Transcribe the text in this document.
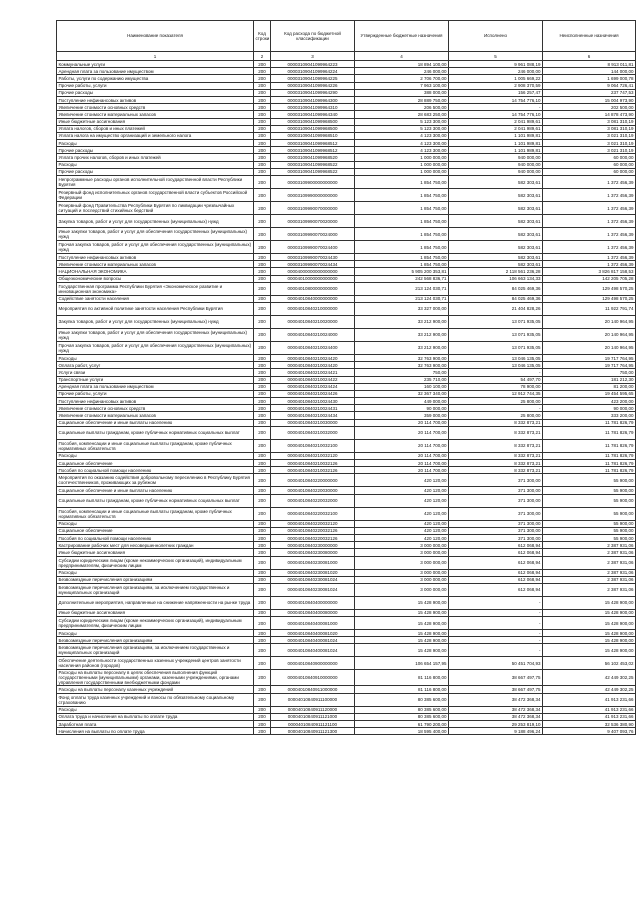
Наименование показателя	Код строки	Код расхода по бюджетной классификации	Утвержденные бюджетные назначения	Исполнено	Неисполненные назначения
1	2	3	4	5	6
Коммунальные услуги	200	00003109041099964223	18 894 100,00	9 961 088,19	8 913 011,81
Арендная плата за пользование имуществом	200	00003109041099964224	246 000,00	246 000,00	144 000,00
Работы, услуги по содержанию имущества	200	00003109041099964225	2 706 700,00	1 005 669,22	1 699 000,78
Прочие работы, услуги	200	00003109041099964226	7 963 100,00	2 908 370,59	9 064 726,41
Прочие расходы	200	00003109041099964290	388 000,00	156 257,47	237 747,53
Поступление нефинансовых активов	200	00003109041099964300	28 889 750,00	14 754 776,10	15 004 973,90
Увеличение стоимости основных средств	200	00003109041099964310	206 500,00	-	202 500,00
Увеличение стоимости материальных запасов	200	00003109041099964340	28 683 250,00	14 754 776,10	14 878 473,90
Иные бюджетные ассигнования	200	00003109041099968500	5 123 300,00	2 041 989,61	3 081 310,19
Уплата налогов, сборов и иных платежей	200	00003109041099968500	5 123 300,00	2 041 989,61	3 081 310,19
Уплата налога на имущество организаций и земельного налога	200	00003109041099968510	4 123 300,00	1 101 989,81	3 021 310,19
Расходы	200	00003109041099968512	4 123 300,00	1 101 989,81	3 021 310,19
Прочие расходы	200	00003109041099968512	4 123 300,00	1 101 989,81	3 021 310,19
Уплата прочих налогов, сборов и иных платежей	200	00003109041099968520	1 000 000,00	940 000,00	60 000,00
Расходы	200	00003109041099968522	1 000 000,00	940 000,00	60 000,00
Прочие расходы	200	00003109041099968522	1 000 000,00	940 000,00	60 000,00
Непрограммные расходы органов исполнительной государственной власти Республики Бурятия	200	00003109900000000000	1 854 750,00	582 303,61	1 372 456,39
Резервный фонд исполнительных органов государственной власти субъектов Российской Федерации	200	00003109990000000000	1 854 750,00	582 303,61	1 372 456,39
Резервный фонд Правительства Республики Бурятия по ликвидации чрезвычайных ситуаций и последствий стихийных бедствий	200	00003109990070000000	1 854 750,00	582 303,61	1 372 456,39
Закупка товаров, работ и услуг для государственных (муниципальных) нужд	200	00003109990070020000	1 854 750,00	582 303,61	1 372 456,39
Иные закупки товаров, работ и услуг для обеспечения государственных (муниципальных) нужд	200	00003109990070024000	1 854 750,00	582 303,61	1 372 456,39
Прочая закупка товаров, работ и услуг для обеспечения государственных (муниципальных) нужд	200	00003109990070024400	1 854 750,00	582 303,61	1 372 456,39
Поступление нефинансовых активов	200	00003109990070024430	1 854 750,00	582 303,61	1 372 456,39
Увеличение стоимости материальных запасов	200	00003109990070024434	1 854 750,00	582 303,61	1 372 456,39
НАЦИОНАЛЬНАЯ ЭКОНОМИКА	200	00004000000000000000	5 905 200 353,81	2 118 561 236,28	3 826 817 158,53
Общеэкономические вопросы	200	00004010000000000000	242 568 836,71	106 663 134,33	142 205 705,28
Государственная программа Республики Бурятия «Экономическое развитие и инновационная экономика»	200	00004010800000000000	213 124 030,71	84 025 469,36	129 498 570,25
Содействие занятости населения	200	00004010840000000000	213 124 030,71	84 025 469,36	129 498 570,25
Мероприятия по активной политике занятости населения Республики Бурятия	200	00004010840210000000	33 327 000,00	21 404 828,26	11 922 791,74
Закупка товаров, работ и услуг для государственных (муниципальных) нужд	200	00004010840210020000	33 212 900,00	13 071 935,05	20 140 964,95
Иные закупки товаров, работ и услуг для обеспечения государственных (муниципальных) нужд	200	00004010840210024000	33 212 900,00	13 071 935,05	20 140 964,95
Прочая закупка товаров, работ и услуг для обеспечения государственных (муниципальных) нужд	200	00004010840210024400	33 212 900,00	13 071 935,05	20 140 964,95
Расходы	200	00004010840210024420	32 763 900,00	13 046 135,05	19 717 764,95
Оплата работ, услуг	200	00004010840210024420	32 763 900,00	13 046 135,05	19 717 764,95
Услуги связи	200	00004010840210024421	750,00	-	750,00
Транспортные услуги	200	00004010840210024422	235 710,00	54 497,70	181 212,30
Арендная плата за пользование имуществом	200	00004010840210024424	160 100,00	78 900,00	81 200,00
Прочие работы, услуги	200	00004010840210024426	32 367 340,00	12 912 744,35	19 454 595,65
Поступление нефинансовых активов	200	00004010840210024430	449 000,00	25 800,00	423 200,00
Увеличение стоимости основных средств	200	00004010840210024431	90 000,00	-	90 000,00
Увеличение стоимости материальных запасов	200	00004010840210024434	359 000,00	25 800,00	333 200,00
Социальное обеспечение и иные выплаты населению	200	00004010840210030000	20 114 700,00	8 332 873,21	11 781 826,79
Социальные выплаты гражданам, кроме публичных нормативных социальных выплат	200	00004010840210032000	20 114 700,00	8 332 873,21	11 781 826,79
Пособия, компенсации и иные социальные выплаты гражданам, кроме публичных нормативных обязательств	200	00004010840210032100	20 114 700,00	8 332 873,21	11 781 826,79
Расходы	200	00004010840210032120	20 114 700,00	8 332 873,21	11 781 826,79
Социальное обеспечение	200	00004010840210032126	20 114 700,00	8 332 873,21	11 781 826,79
Пособия по социальной помощи населению	200	00004010840210032126	20 114 700,00	8 332 873,21	11 781 826,79
Мероприятия по оказанию содействия добровольному переселению в Республику Бурятия соотечественников, проживающих за рубежом	200	00004010840220000000	420 120,00	371 300,00	55 900,00
Социальное обеспечение и иные выплаты населению	200	00004010840220030000	420 120,00	371 300,00	55 900,00
Социальные выплаты гражданам, кроме публичных нормативных социальных выплат	200	00004010840220032000	420 120,00	371 300,00	55 900,00
Пособия, компенсации и иные социальные выплаты гражданам, кроме публичных нормативных обязательств	200	00004010840220032100	420 120,00	371 300,00	55 900,00
Расходы	200	00004010840220032120	420 120,00	371 300,00	55 900,00
Социальное обеспечение	200	00004010840220032126	420 120,00	371 300,00	55 900,00
Пособия по социальной помощи населению	200	00004010840220032126	420 120,00	371 300,00	55 900,00
Кастрирование рабочих мест для несовершеннолетних граждан	200	00004010840230000000	3 000 000,00	612 068,94	2 387 931,06
Иные бюджетные ассигнования	200	00004010840230080000	3 000 000,00	612 068,94	2 387 931,06
Субсидии юридическим лицам (кроме некоммерческих организаций), индивидуальным предпринимателям, физическим лицам	200	00004010840230081000	3 000 000,00	612 068,94	2 387 931,06
Расходы	200	00004010840230081020	3 000 000,00	612 068,94	2 387 931,06
Безвозмездные перечисления организациям	200	00004010840230081024	3 000 000,00	612 068,94	2 387 931,06
Безвозмездные перечисления организациям, за исключением государственных и муниципальных организаций	200	00004010840230081024	3 000 000,00	612 068,94	2 387 931,06
Дополнительные мероприятия, направленные на снижение напряженности на рынке труда	200	00004010840400000000	15 428 900,00	-	15 428 900,00
Иные бюджетные ассигнования	200	00004010840400080000	15 428 900,00	-	15 428 900,00
Субсидии юридическим лицам (кроме некоммерческих организаций), индивидуальным предпринимателям, физическим лицам	200	00004010840400081000	15 428 900,00	-	15 428 900,00
Расходы	200	00004010840400081020	15 428 900,00	-	15 428 900,00
Безвозмездные перечисления организациям	200	00004010840400081024	15 428 900,00	-	15 428 900,00
Безвозмездные перечисления организациям, за исключением государственных и муниципальных организаций	200	00004010840400081024	15 428 900,00	-	15 428 900,00
Обеспечение деятельности государственных казенных учреждений центров занятости населения районов (городов)	200	00004010840900000000	106 654 157,95	50 451 704,93	56 102 453,02
Расходы на выплаты персоналу в целях обеспечения выполнения функций государственными (муниципальными) органами, казенными учреждениями, органами управления государственными внебюджетными фондами	200	00004010840910000000	81 116 800,00	38 667 497,75	42 449 302,25
Расходы на выплаты персоналу казенных учреждений	200	00004010840911000000	81 116 800,00	38 667 497,75	42 449 302,25
Фонд оплаты труда казенных учреждений и взносы по обязательному социальному страхованию	200	00004010840911100000	80 385 600,00	38 472 368,34	41 913 231,66
Расходы	200	00004010840911120000	80 385 600,00	38 472 368,34	41 913 231,66
Оплата труда и начисления на выплаты по оплате труда	200	00004010840911121000	80 385 600,00	38 472 368,34	41 913 231,66
Заработная плата	200	00004010840911121100	61 790 200,00	29 253 819,10	32 536 380,90
Начисления на выплаты по оплате труда	200	00004010840911121300	18 595 400,00	9 188 496,24	9 407 093,76
